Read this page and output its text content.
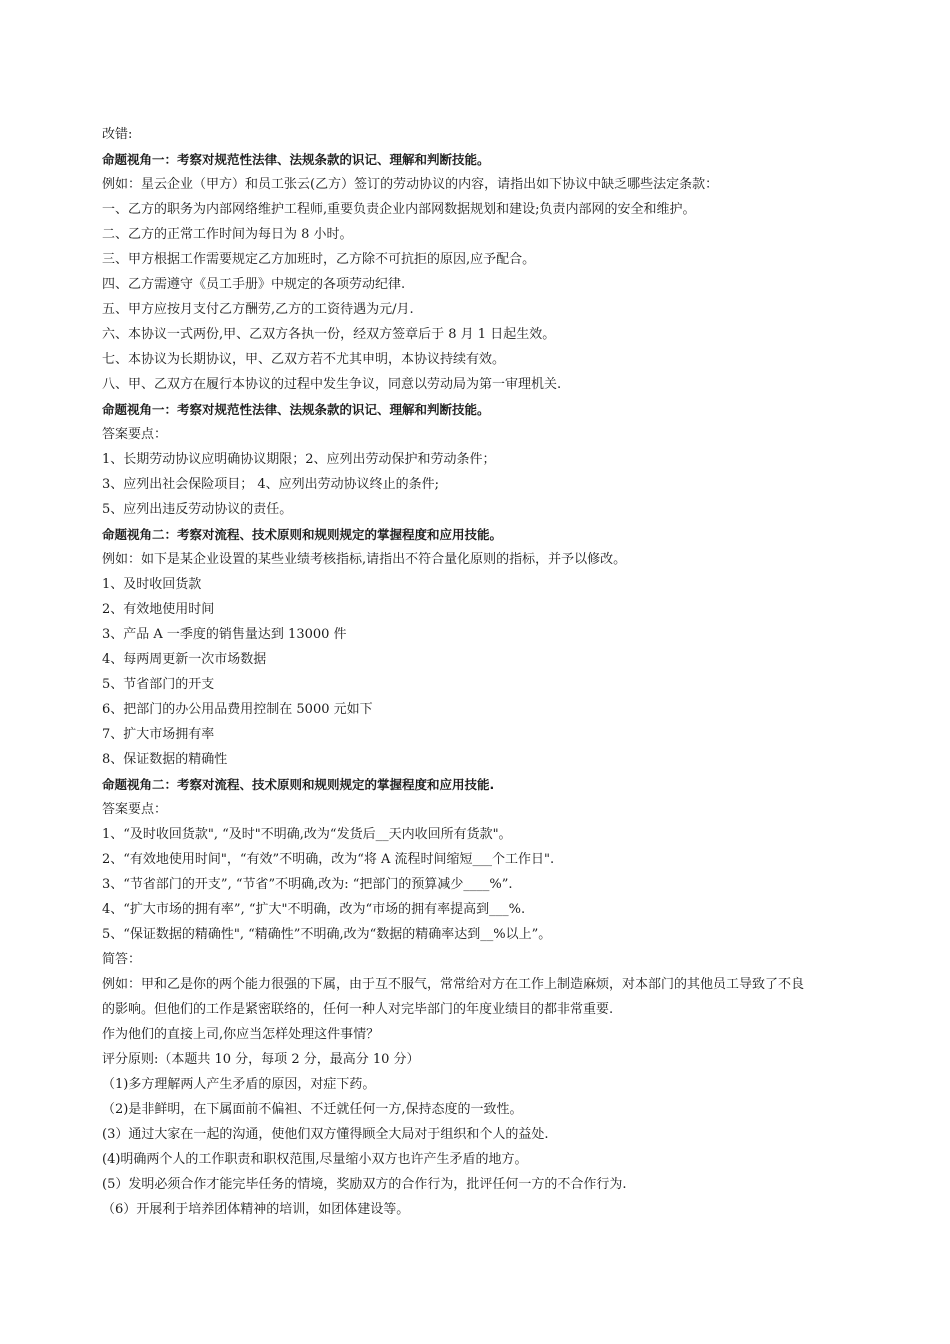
改错:

命题视角一：考察对规范性法律、法规条款的识记、理解和判断技能。

例如：星云企业（甲方）和员工张云(乙方）签订的劳动协议的内容，请指出如下协议中缺乏哪些法定条款：

一、乙方的职务为内部网络维护工程师,重要负责企业内部网数据规划和建设;负责内部网的安全和维护。

二、乙方的正常工作时间为每日为 8 小时。

三、甲方根据工作需要规定乙方加班时，乙方除不可抗拒的原因,应予配合。

四、乙方需遵守《员工手册》中规定的各项劳动纪律.

五、甲方应按月支付乙方酬劳,乙方的工资待遇为元/月.

六、本协议一式两份,甲、乙双方各执一份，经双方签章后于 8 月 1 日起生效。

七、本协议为长期协议，甲、乙双方若不尤其申明，本协议持续有效。

八、甲、乙双方在履行本协议的过程中发生争议，同意以劳动局为第一审理机关.

命题视角一：考察对规范性法律、法规条款的识记、理解和判断技能。

答案要点：

1、长期劳动协议应明确协议期限；2、应列出劳动保护和劳动条件；

3、应列出社会保险项目； 4、应列出劳动协议终止的条件;

5、应列出违反劳动协议的责任。

命题视角二：考察对流程、技术原则和规则规定的掌握程度和应用技能。

例如：如下是某企业设置的某些业绩考核指标,请指出不符合量化原则的指标，并予以修改。

1、及时收回货款

2、有效地使用时间

3、产品 A 一季度的销售量达到 13000 件

4、每两周更新一次市场数据

5、节省部门的开支

6、把部门的办公用品费用控制在 5000 元如下

7、扩大市场拥有率

8、保证数据的精确性

命题视角二：考察对流程、技术原则和规则规定的掌握程度和应用技能.

答案要点：

1、“及时收回货款", “及时"不明确,改为“发货后__天内收回所有货款"。

2、“有效地使用时间"，“有效”不明确，改为“将 A 流程时间缩短___个工作日".

3、“节省部门的开支”, “节省”不明确,改为: “把部门的预算减少____%”.

4、“扩大市场的拥有率”, “扩大"不明确，改为“市场的拥有率提高到___%.

5、“保证数据的精确性", “精确性”不明确,改为“数据的精确率达到__%以上”。

简答：

例如：甲和乙是你的两个能力很强的下属，由于互不服气，常常给对方在工作上制造麻烦，对本部门的其他员工导致了不良

的影响。但他们的工作是紧密联络的，任何一种人对完毕部门的年度业绩目的都非常重要.

作为他们的直接上司,你应当怎样处理这件事情？

评分原则:（本题共 10 分，每项 2 分，最高分 10 分）

（1)多方理解两人产生矛盾的原因，对症下药。

（2)是非鲜明，在下属面前不偏袒、不迁就任何一方,保持态度的一致性。

(3）通过大家在一起的沟通，使他们双方懂得顾全大局对于组织和个人的益处.

(4)明确两个人的工作职责和职权范围,尽量缩小双方也许产生矛盾的地方。

(5）发明必须合作才能完毕任务的情境，奖励双方的合作行为，批评任何一方的不合作行为.

（6）开展利于培养团体精神的培训，如团体建设等。
